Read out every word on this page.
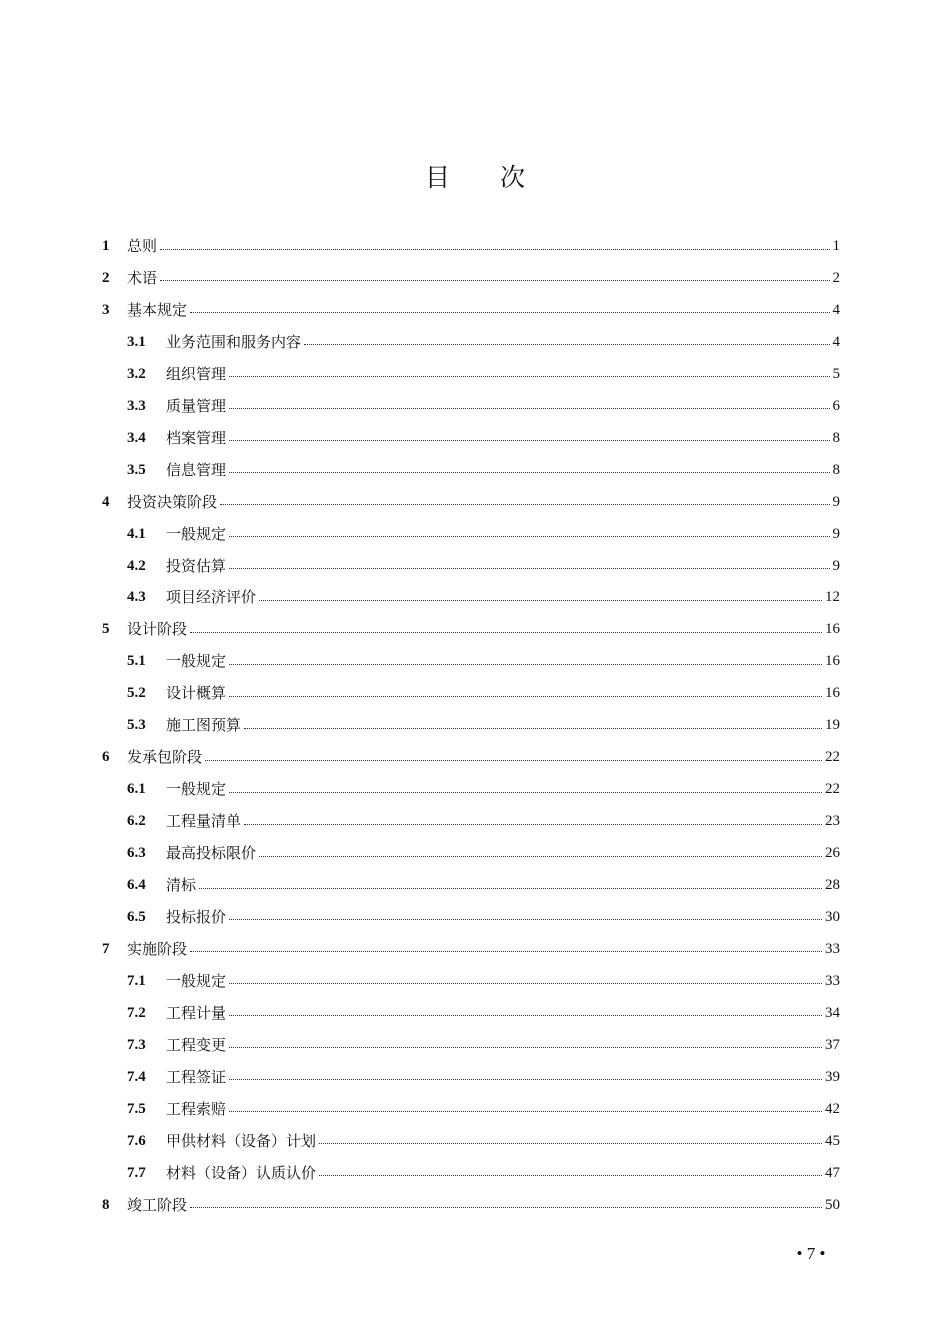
目 次
1	总则	1
2	术语	2
3	基本规定	4
3.1	业务范围和服务内容	4
3.2	组织管理	5
3.3	质量管理	6
3.4	档案管理	8
3.5	信息管理	8
4	投资决策阶段	9
4.1	一般规定	9
4.2	投资估算	9
4.3	项目经济评价	12
5	设计阶段	16
5.1	一般规定	16
5.2	设计概算	16
5.3	施工图预算	19
6	发承包阶段	22
6.1	一般规定	22
6.2	工程量清单	23
6.3	最高投标限价	26
6.4	清标	28
6.5	投标报价	30
7	实施阶段	33
7.1	一般规定	33
7.2	工程计量	34
7.3	工程变更	37
7.4	工程签证	39
7.5	工程索赔	42
7.6	甲供材料（设备）计划	45
7.7	材料（设备）认质认价	47
8	竣工阶段	50
• 7 •
